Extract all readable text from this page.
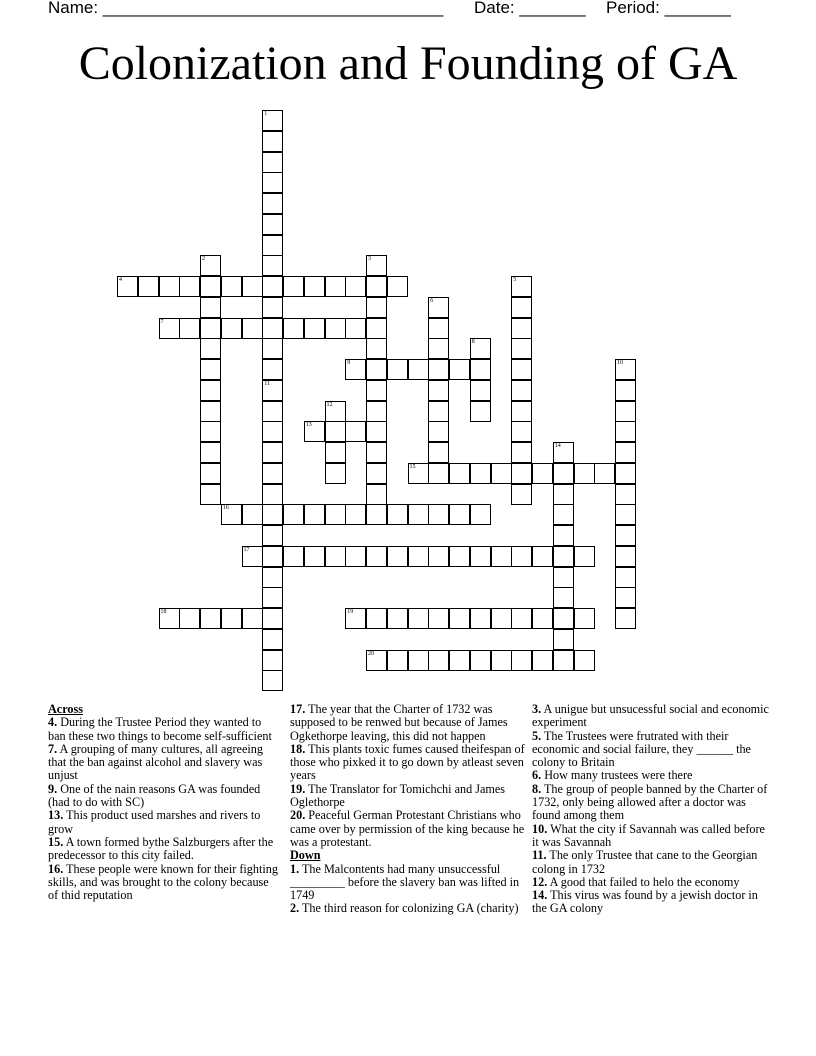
Name: ____________________________________ Date: _______ Period: _______
Colonization and Founding of GA
1
11
2	3
4	5
6
7
8
9	10
12
13
14
15
16
17
18	19
20
Across
4. During the Trustee Period they wanted to ban these two things to become self-sufficient
7. A grouping of many cultures, all agreeing that the ban against alcohol and slavery was unjust
9. One of the nain reasons GA was founded (had to do with SC)
13. This product used marshes and rivers to grow
15. A town formed bythe Salzburgers after the predecessor to this city failed.
16. These people were known for their fighting skills, and was brought to the colony because of thid reputation
17. The year that the Charter of 1732 was supposed to be renwed but because of James Ogkethorpe leaving, this did not happen
18. This plants toxic fumes caused theifespan of those who pixked it to go down by atleast seven years
19. The Translator for Tomichchi and James Oglethorpe
20. Peaceful German Protestant Christians who came over by permission of the king because he was a protestant.
Down
1. The Malcontents had many unsuccessful _________ before the slavery ban was lifted in 1749
2. The third reason for colonizing GA (charity)
3. A unigue but unsucessful social and economic experiment
5. The Trustees were frutrated with their economic and social failure, they ______ the colony to Britain
6. How many trustees were there
8. The group of people banned by the Charter of 1732, only being allowed after a doctor was found among them
10. What the city if Savannah was called before it was Savannah
11. The only Trustee that cane to the Georgian colong in 1732
12. A good that failed to helo the economy
14. This virus was found by a jewish doctor in the GA colony
